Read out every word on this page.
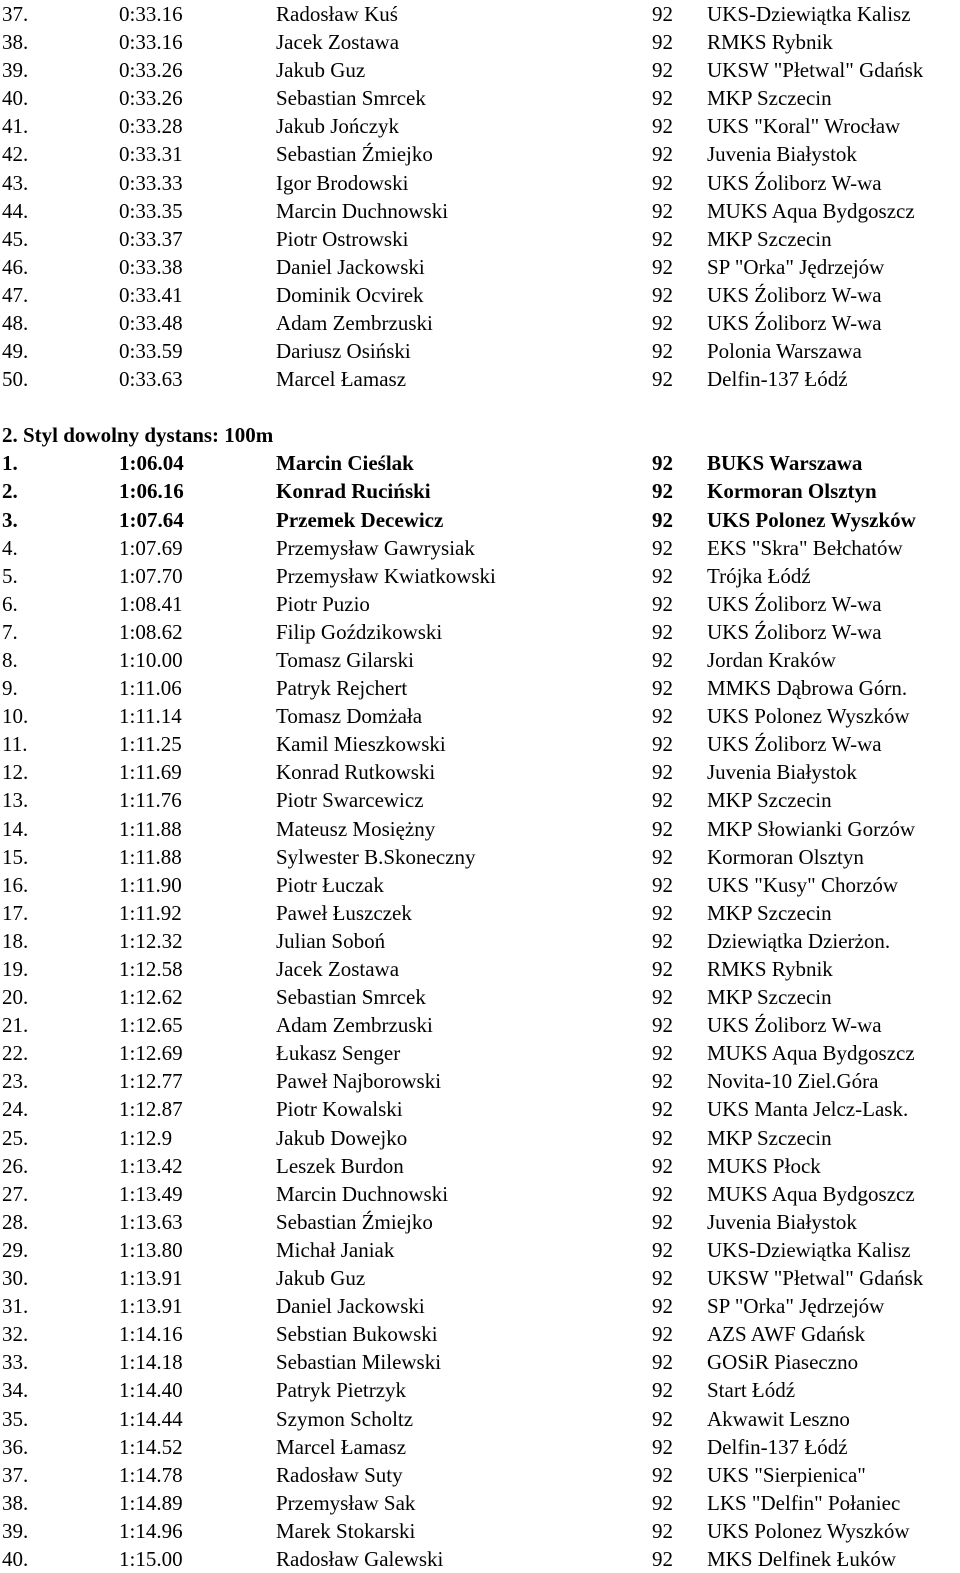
37.	0:33.16	Radosław Kuś	92 UKS-Dziewiątka Kalisz
38.	0:33.16	Jacek Zostawa	92 RMKS Rybnik
39.	0:33.26	Jakub Guz	92 UKSW "Płetwal" Gdańsk
40.	0:33.26	Sebastian Smrcek	92 MKP Szczecin
41.	0:33.28	Jakub Jończyk	92 UKS "Koral" Wrocław
42.	0:33.31	Sebastian Źmiejko	92 Juvenia Białystok
43.	0:33.33	Igor Brodowski	92 UKS Źoliborz W-wa
44.	0:33.35	Marcin Duchnowski	92 MUKS Aqua Bydgoszcz
45.	0:33.37	Piotr Ostrowski	92 MKP Szczecin
46.	0:33.38	Daniel Jackowski	92 SP "Orka" Jędrzejów
47.	0:33.41	Dominik Ocvirek	92 UKS Źoliborz W-wa
48.	0:33.48	Adam Zembrzuski	92 UKS Źoliborz W-wa
49.	0:33.59	Dariusz Osiński	92 Polonia Warszawa
50.	0:33.63	Marcel Łamasz	92 Delfin-137 Łódź
2. Styl dowolny dystans: 100m
1.	1:06.04	Marcin Cieślak	92 BUKS Warszawa
2.	1:06.16	Konrad Ruciński	92 Kormoran Olsztyn
3.	1:07.64	Przemek Decewicz	92 UKS Polonez Wyszków
4.	1:07.69	Przemysław Gawrysiak	92 EKS "Skra" Bełchatów
5.	1:07.70	Przemysław Kwiatkowski	92 Trójka Łódź
6.	1:08.41	Piotr Puzio	92 UKS Źoliborz W-wa
7.	1:08.62	Filip Goździkowski	92 UKS Źoliborz W-wa
8.	1:10.00	Tomasz Gilarski	92 Jordan Kraków
9.	1:11.06	Patryk Rejchert	92 MMKS Dąbrowa Górn.
10.	1:11.14	Tomasz Domżała	92 UKS Polonez Wyszków
11.	1:11.25	Kamil Mieszkowski	92 UKS Źoliborz W-wa
12.	1:11.69	Konrad Rutkowski	92 Juvenia Białystok
13.	1:11.76	Piotr Swarcewicz	92 MKP Szczecin
14.	1:11.88	Mateusz Mosiężny	92 MKP Słowianki Gorzów
15.	1:11.88	Sylwester B.Skoneczny	92 Kormoran Olsztyn
16.	1:11.90	Piotr Łuczak	92 UKS "Kusy" Chorzów
17.	1:11.92	Paweł Łuszczek	92 MKP Szczecin
18.	1:12.32	Julian Soboń	92 Dziewiątka Dzierżon.
19.	1:12.58	Jacek Zostawa	92 RMKS Rybnik
20.	1:12.62	Sebastian Smrcek	92 MKP Szczecin
21.	1:12.65	Adam Zembrzuski	92 UKS Źoliborz W-wa
22.	1:12.69	Łukasz Senger	92 MUKS Aqua Bydgoszcz
23.	1:12.77	Paweł Najborowski	92 Novita-10 Ziel.Góra
24.	1:12.87	Piotr Kowalski	92 UKS Manta Jelcz-Lask.
25.	1:12.9	Jakub Dowejko	92 MKP Szczecin
26.	1:13.42	Leszek Burdon	92 MUKS Płock
27.	1:13.49	Marcin Duchnowski	92 MUKS Aqua Bydgoszcz
28.	1:13.63	Sebastian Źmiejko	92 Juvenia Białystok
29.	1:13.80	Michał Janiak	92 UKS-Dziewiątka Kalisz
30.	1:13.91	Jakub Guz	92 UKSW "Płetwal" Gdańsk
31.	1:13.91	Daniel Jackowski	92 SP "Orka" Jędrzejów
32.	1:14.16	Sebstian Bukowski	92 AZS AWF Gdańsk
33.	1:14.18	Sebastian Milewski	92 GOSiR Piaseczno
34.	1:14.40	Patryk Pietrzyk	92 Start Łódź
35.	1:14.44	Szymon Scholtz	92 Akwawit Leszno
36.	1:14.52	Marcel Łamasz	92 Delfin-137 Łódź
37.	1:14.78	Radosław Suty	92 UKS "Sierpienica"
38.	1:14.89	Przemysław Sak	92 LKS "Delfin" Połaniec
39.	1:14.96	Marek Stokarski	92 UKS Polonez Wyszków
40.	1:15.00	Radosław Galewski	92 MKS Delfinek Łuków
